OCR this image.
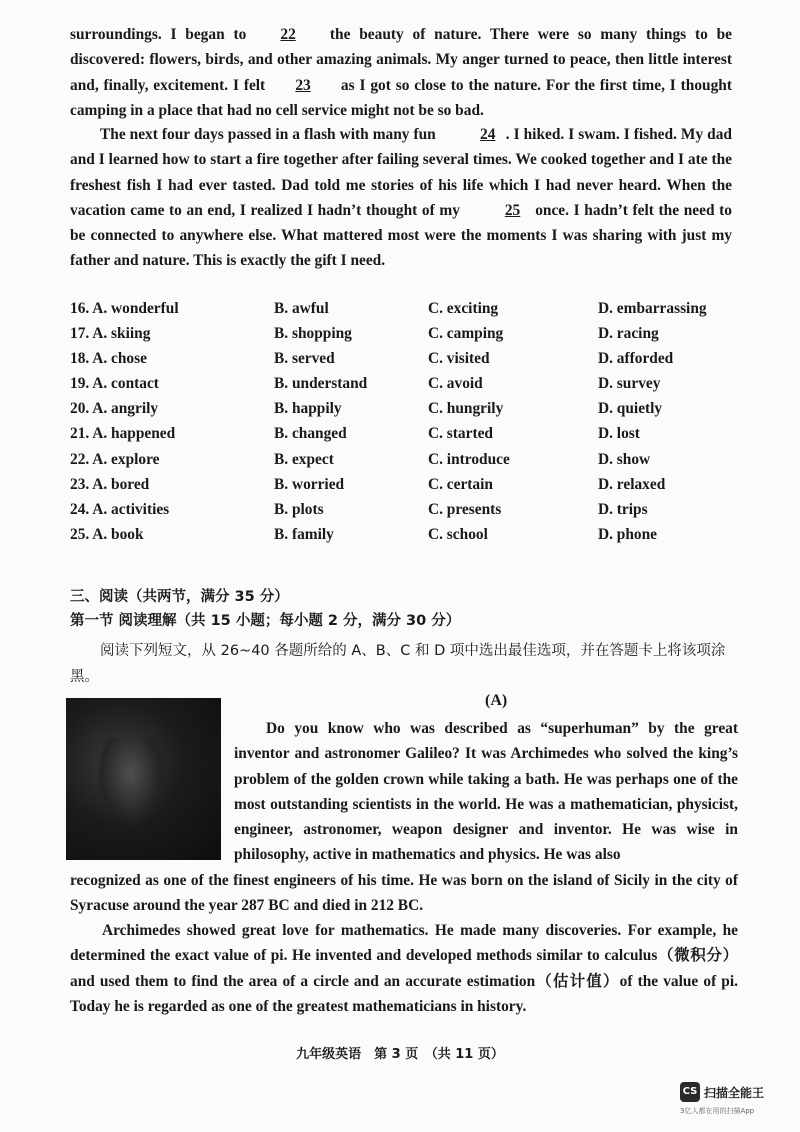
surroundings. I began to 22 the beauty of nature. There were so many things to be discovered: flowers, birds, and other amazing animals. My anger turned to peace, then little interest and, finally, excitement. I felt 23 as I got so close to the nature. For the first time, I thought camping in a place that had no cell service might not be so bad.

The next four days passed in a flash with many fun	24 . I hiked. I swam. I fished. My dad and I learned how to start a fire together after failing several times. We cooked together and I ate the freshest fish I had ever tasted. Dad told me stories of his life which I had never heard. When the vacation came to an end, I realized I hadn’t thought of my	25 once. I hadn’t felt the need to be connected to anywhere else. What mattered most were the moments I was sharing with just my father and nature. This is exactly the gift I need.

16. A. wonderful	B. awful	C. exciting	D. embarrassing
17. A. skiing	B. shopping	C. camping	D. racing
18. A. chose	B. served	C. visited	D. afforded
19. A. contact	B. understand	C. avoid	D. survey
20. A. angrily	B. happily	C. hungrily	D. quietly
21. A. happened	B. changed	C. started	D. lost
22. A. explore	B. expect	C. introduce	D. show
23. A. bored	B. worried	C. certain	D. relaxed
24. A. activities	B. plots	C. presents	D. trips
25. A. book	B. family	C. school	D. phone

三、阅读（共两节，满分 35 分）

第一节 阅读理解（共 15 小题；每小题 2 分，满分 30 分）

阅读下列短文，从 26~40 各题所给的 A、B、C 和 D 项中选出最佳选项，并在答题卡上将该项涂黑。

(A)

Do you know who was described as “superhuman” by the great inventor and astronomer Galileo? It was Archimedes who solved the king’s problem of the golden crown while taking a bath. He was perhaps one of the most outstanding scientists in the world. He was a mathematician, physicist, engineer, astronomer, weapon designer and inventor. He was wise in philosophy, active in mathematics and physics. He was also

recognized as one of the finest engineers of his time. He was born on the island of Sicily in the city of Syracuse around the year 287 BC and died in 212 BC.

Archimedes showed great love for mathematics. He made many discoveries. For example, he determined the exact value of pi. He invented and developed methods similar to calculus（微积分） and used them to find the area of a circle and an accurate estimation（估计值）of the value of pi. Today he is regarded as one of the greatest mathematicians in history.

九年级英语　第 3 页　（共 11 页）
CS 扫描全能王
3亿人都在用的扫描App
